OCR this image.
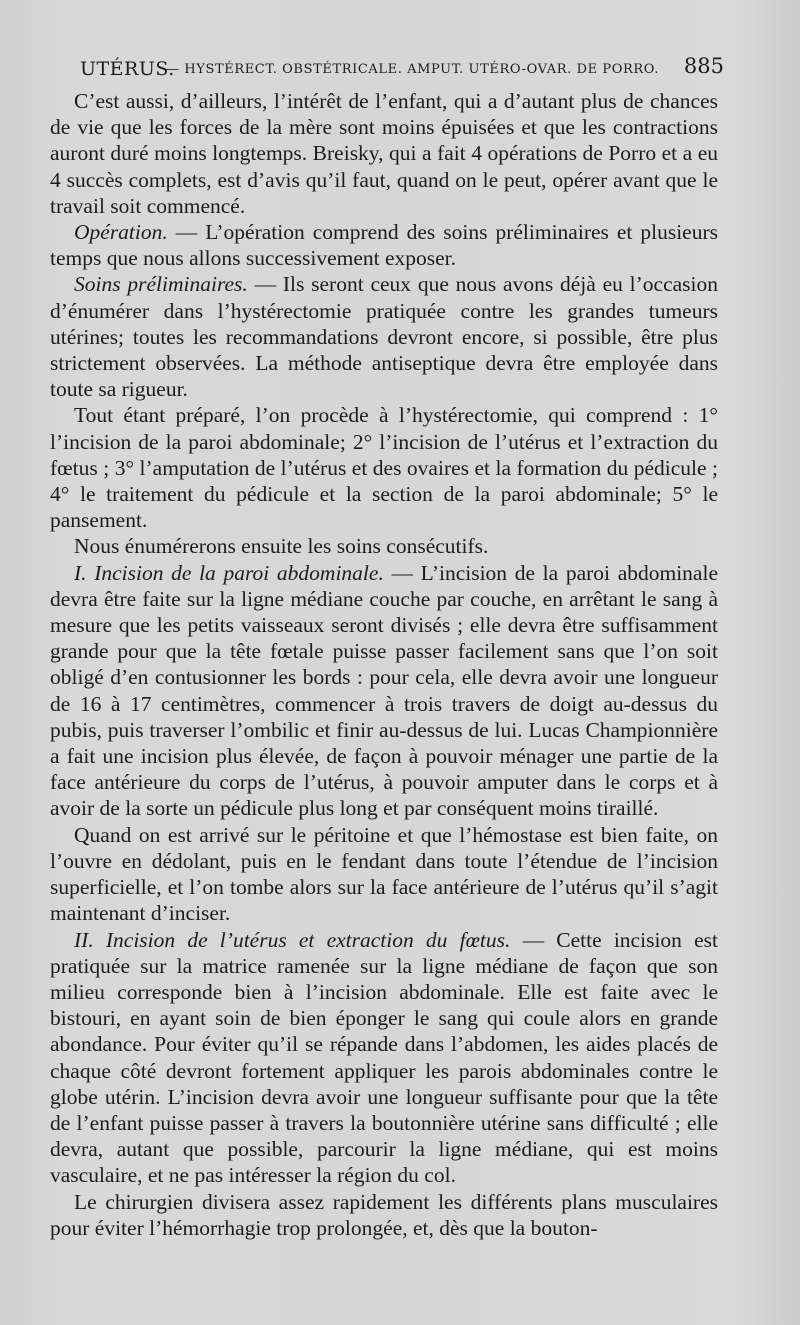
UTÉRUS.
— HYSTÉRECT. OBSTÉTRICALE. AMPUT. UTÉRO-OVAR. DE PORRO. 885

C’est aussi, d’ailleurs, l’intérêt de l’enfant, qui a d’autant plus de chances de vie que les forces de la mère sont moins épuisées et que les contractions auront duré moins longtemps. Breisky, qui a fait 4 opérations de Porro et a eu 4 succès complets, est d’avis qu’il faut, quand on le peut, opérer avant que le travail soit commencé.

Opération. — L’opération comprend des soins préliminaires et plusieurs temps que nous allons successivement exposer.

Soins préliminaires. — Ils seront ceux que nous avons déjà eu l’occasion d’énumérer dans l’hystérectomie pratiquée contre les grandes tumeurs utérines; toutes les recommandations devront encore, si possible, être plus strictement observées. La méthode antiseptique devra être employée dans toute sa rigueur.

Tout étant préparé, l’on procède à l’hystérectomie, qui comprend : 1° l’incision de la paroi abdominale; 2° l’incision de l’utérus et l’extraction du fœtus ; 3° l’amputation de l’utérus et des ovaires et la formation du pédicule ; 4° le traitement du pédicule et la section de la paroi abdominale; 5° le pansement.

Nous énumérerons ensuite les soins consécutifs.

I. Incision de la paroi abdominale. — L’incision de la paroi abdominale devra être faite sur la ligne médiane couche par couche, en arrêtant le sang à mesure que les petits vaisseaux seront divisés ; elle devra être suffisamment grande pour que la tête fœtale puisse passer facilement sans que l’on soit obligé d’en contusionner les bords : pour cela, elle devra avoir une longueur de 16 à 17 centimètres, commencer à trois travers de doigt au-dessus du pubis, puis traverser l’ombilic et finir au-dessus de lui. Lucas Championnière a fait une incision plus élevée, de façon à pouvoir ménager une partie de la face antérieure du corps de l’utérus, à pouvoir amputer dans le corps et à avoir de la sorte un pédicule plus long et par conséquent moins tiraillé.

Quand on est arrivé sur le péritoine et que l’hémostase est bien faite, on l’ouvre en dédolant, puis en le fendant dans toute l’étendue de l’incision superficielle, et l’on tombe alors sur la face antérieure de l’utérus qu’il s’agit maintenant d’inciser.

II. Incision de l’utérus et extraction du fœtus. — Cette incision est pratiquée sur la matrice ramenée sur la ligne médiane de façon que son milieu corresponde bien à l’incision abdominale. Elle est faite avec le bistouri, en ayant soin de bien éponger le sang qui coule alors en grande abondance. Pour éviter qu’il se répande dans l’abdomen, les aides placés de chaque côté devront fortement appliquer les parois abdominales contre le globe utérin. L’incision devra avoir une longueur suffisante pour que la tête de l’enfant puisse passer à travers la boutonnière utérine sans difficulté ; elle devra, autant que possible, parcourir la ligne médiane, qui est moins vasculaire, et ne pas intéresser la région du col.

Le chirurgien divisera assez rapidement les différents plans musculaires pour éviter l’hémorrhagie trop prolongée, et, dès que la bouton-
